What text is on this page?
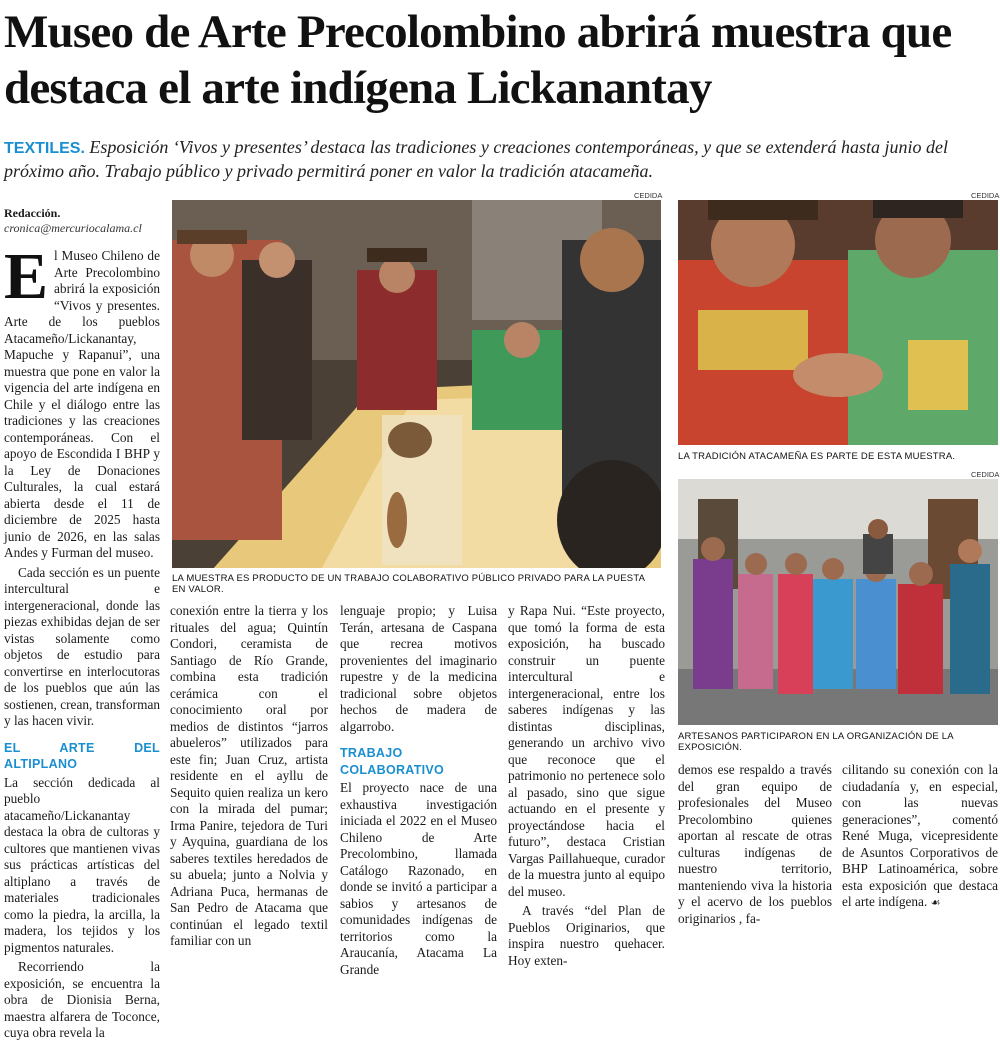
Museo de Arte Precolombino abrirá muestra que destaca el arte indígena Lickanantay
TEXTILES. Esposición ‘Vivos y presentes’ destaca las tradiciones y creaciones contemporáneas, y que se extenderá hasta junio del próximo año. Trabajo público y privado permitirá poner en valor la tradición atacameña.
Redacción.
cronica@mercuriocalama.cl

El Museo Chileno de Arte Precolombino abrirá la exposición “Vivos y presentes. Arte de los pueblos Atacameño/Lickanantay, Mapuche y Rapanui”, una muestra que pone en valor la vigencia del arte indígena en Chile y el diálogo entre las tradiciones y las creaciones contemporáneas. Con el apoyo de Escondida I BHP y la Ley de Donaciones Culturales, la cual estará abierta desde el 11 de diciembre de 2025 hasta junio de 2026, en las salas Andes y Furman del museo.

Cada sección es un puente intercultural e intergeneracional, donde las piezas exhibidas dejan de ser vistas solamente como objetos de estudio para convertirse en interlocutoras de los pueblos que aún las sostienen, crean, transforman y las hacen vivir.

EL ARTE DEL ALTIPLANO

La sección dedicada al pueblo atacameño/Lickanantay destaca la obra de cultoras y cultores que mantienen vivas sus prácticas artísticas del altiplano a través de materiales tradicionales como la piedra, la arcilla, la madera, los tejidos y los pigmentos naturales.

Recorriendo la exposición, se encuentra la obra de Dionisia Berna, maestra alfarera de Toconce, cuya obra revela la

CEDIDA
LA MUESTRA ES PRODUCTO DE UN TRABAJO COLABORATIVO PÚBLICO PRIVADO PARA LA PUESTA EN VALOR.

conexión entre la tierra y los rituales del agua; Quintín Condori, ceramista de Santiago de Río Grande, combina esta tradición cerámica con el conocimiento oral por medios de distintos “jarros abueleros” utilizados para este fin; Juan Cruz, artista residente en el ayllu de Sequito quien realiza un kero con la mirada del pumar; Irma Panire, tejedora de Turi y Ayquina, guardiana de los saberes textiles heredados de su abuela; junto a Nolvia y Adriana Puca, hermanas de San Pedro de Atacama que continúan el legado textil familiar con un

lenguaje propio; y Luisa Terán, artesana de Caspana que recrea motivos provenientes del imaginario rupestre y de la medicina tradicional sobre objetos hechos de madera de algarrobo.

TRABAJO COLABORATIVO

El proyecto nace de una exhaustiva investigación iniciada el 2022 en el Museo Chileno de Arte Precolombino, llamada Catálogo Razonado, en donde se invitó a participar a sabios y artesanos de comunidades indígenas de territorios como la Araucanía, Atacama La Grande

y Rapa Nui. “Este proyecto, que tomó la forma de esta exposición, ha buscado construir un puente intercultural e intergeneracional, entre los saberes indígenas y las distintas disciplinas, generando un archivo vivo que reconoce que el patrimonio no pertenece solo al pasado, sino que sigue actuando en el presente y proyectándose hacia el futuro”, destaca Cristian Vargas Paillahueque, curador de la muestra junto al equipo del museo.

A través “del Plan de Pueblos Originarios, que inspira nuestro quehacer. Hoy exten-

CEDIDA
LA TRADICIÓN ATACAMEÑA ES PARTE DE ESTA MUESTRA.
CEDIDA
ARTESANOS PARTICIPARON EN LA ORGANIZACIÓN DE LA EXPOSICIÓN.

demos ese respaldo a través del gran equipo de profesionales del Museo Precolombino quienes aportan al rescate de otras culturas indígenas de nuestro territorio, manteniendo viva la historia y el acervo de los pueblos originarios , fa-

cilitando su conexión con la ciudadanía y, en especial, con las nuevas generaciones”, comentó René Muga, vicepresidente de Asuntos Corporativos de BHP Latinoamérica, sobre esta exposición que destaca el arte indígena. ☙
